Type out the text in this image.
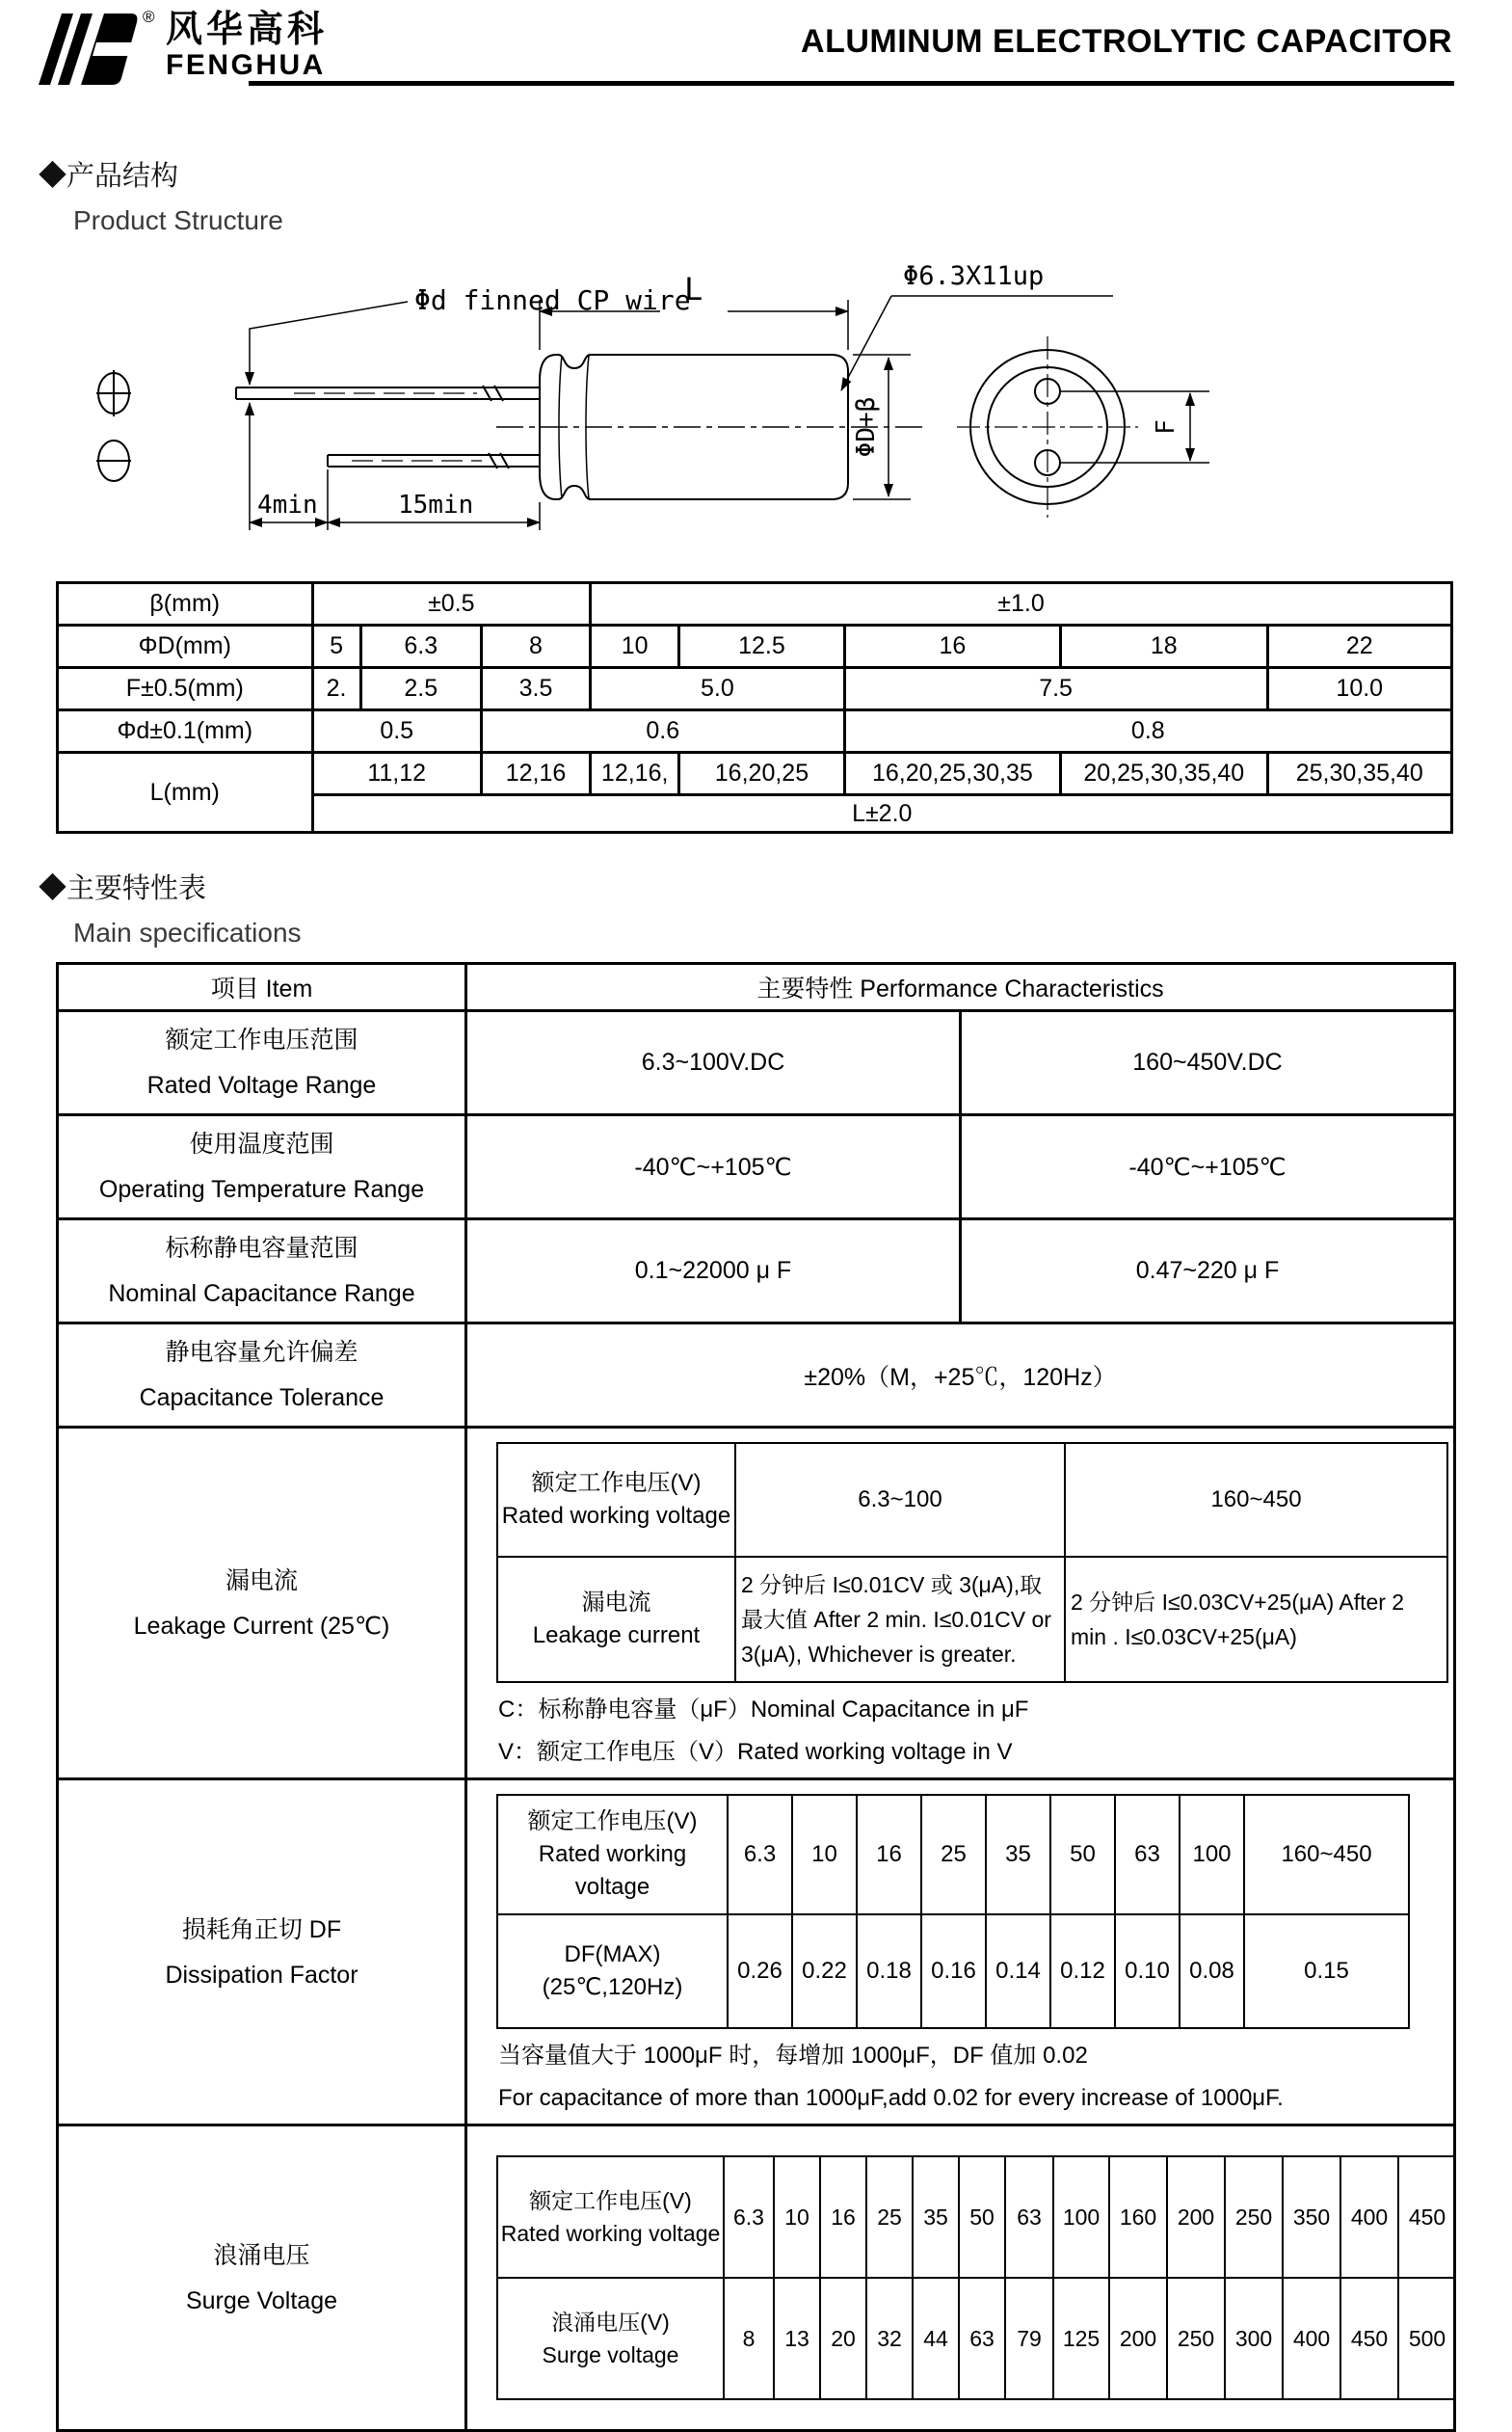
® 风华高科
FENGHUA
ALUMINUM ELECTROLYTIC CAPACITOR
◆产品结构
Product Structure
Φd finned CP wire
L	Φ6.3X11up
4min	15min
ΦD+β	F
β(mm)	±0.5			±1.0				
ΦD(mm)	5	6.3	8	10	12.5	16	18	22
F±0.5(mm)	2.	2.5	3.5	5.0		7.5		10.0
Φd±0.1(mm)	0.5		0.6			0.8		
L(mm)	11,12		12,16	12,16,	16,20,25	16,20,25,30,35	20,25,30,35,40	25,30,35,40
	L±2.0							
◆主要特性表
Main specifications
项目 Item	主要特性 Performance Characteristics

额定工作电压范围
Rated Voltage Range
	6.3~100V.DC	160~450V.DC

使用温度范围
Operating Temperature Range
	-40℃~+105℃	-40℃~+105℃

标称静电容量范围
Nominal Capacitance Range
	0.1~22000 μ F	0.47~220 μ F

静电容量允许偏差
Capacitance Tolerance
	±20%（M，+25℃，120Hz）

漏电流
Leakage Current (25℃)

额定工作电压(V) Rated working voltage	6.3~100	160~450

漏电流
Leakage current
	2 分钟后 I≤0.01CV 或 3(μA),取最大值 After 2 min. I≤0.01CV or 3(μA), Whichever is greater.	2 分钟后 I≤0.03CV+25(μA) After 2 min . I≤0.03CV+25(μA)
C：标称静电容量（μF）Nominal Capacitance in μF
V：额定工作电压（V）Rated working voltage in V

损耗角正切 DF
Dissipation Factor

额定工作电压(V) Rated working voltage	6.3	10	16	25	35	50	63	100	160~450

DF(MAX)
(25℃,120Hz)
	0.26	0.22	0.18	0.16	0.14	0.12	0.10	0.08	0.15
当容量值大于 1000μF 时，每增加 1000μF，DF 值加 0.02
For capacitance of more than 1000μF,add 0.02 for every increase of 1000μF.

浪涌电压
Surge Voltage

额定工作电压(V) Rated working voltage	6.3	10	16	25	35	50	63	100	160	200	250	350	400	450

浪涌电压(V)
Surge voltage
	8	13	20	32	44	63	79	125	200	250	300	400	450	500
